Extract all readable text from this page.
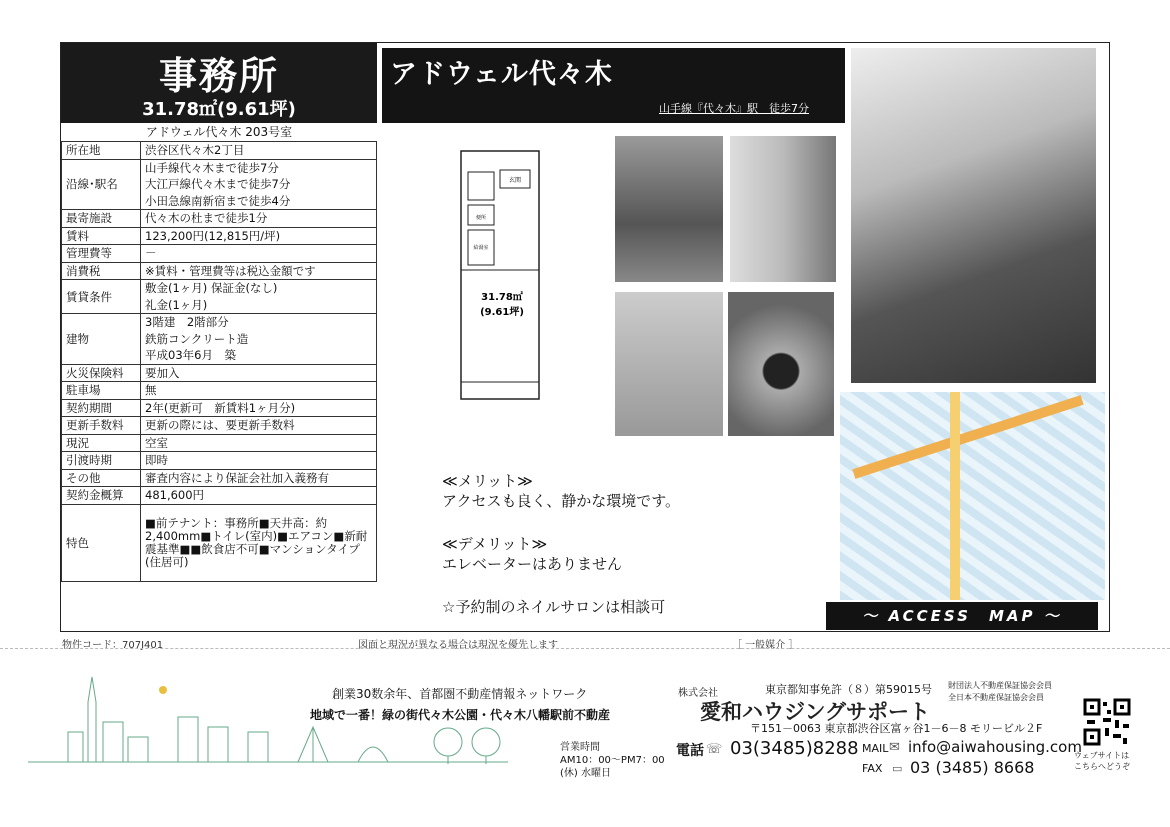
事務所
31.78㎡(9.61坪)
アドウェル代々木 203号室
所在地	渋谷区代々木2丁目

沿線･駅名	山手線代々木まで徒歩7分
大江戸線代々木まで徒歩7分
小田急線南新宿まで徒歩4分

最寄施設	代々木の杜まで徒歩1分

賃料	123,200円(12,815円/坪)

管理費等	－

消費税	※賃料・管理費等は税込金額です

賃貸条件	敷金(1ヶ月) 保証金(なし)
礼金(1ヶ月)

建物	3階建　2階部分
鉄筋コンクリート造
平成03年6月　築

火災保険料	要加入

駐車場	無

契約期間	2年(更新可　新賃料1ヶ月分)

更新手数料	更新の際には、要更新手数料

現況	空室

引渡時期	即時

その他	審査内容により保証会社加入義務有

契約金概算	481,600円

特色	■前テナント：事務所■天井高：約2,400mm■トイレ(室内)■エアコン■新耐震基準■■飲食店不可■マンションタイプ(住居可)
アドウェル代々木
山手線『代々木』駅　徒歩7分
玄関
便所
給湯室
31.78㎡
(9.61坪)
～ ACCESS　MAP ～
≪メリット≫
アクセスも良く、静かな環境です。
≪デメリット≫
エレベーターはありません
☆予約制のネイルサロンは相談可
物件コード：707J401	図面と現況が異なる場合は現況を優先します	［ 一般媒介 ］
創業30数余年、首都圏不動産情報ネットワーク
地域で一番！緑の街代々木公園・代々木八幡駅前不動産
営業時間
AM10：00～PM7：00
(休) 水曜日
株式会社	東京都知事免許（８）第59015号 財団法人不動産保証協会会員
全日本不動産保証協会会員
愛和ハウジングサポート
〒151－0063 東京都渋谷区富ヶ谷1－6－8 モリービル２F
電話 ☏ 03(3485)8288 MAIL ✉ info@aiwahousing.com
FAX ▭ 03 (3485) 8668
ウェブサイトは
こちらへどうぞ
